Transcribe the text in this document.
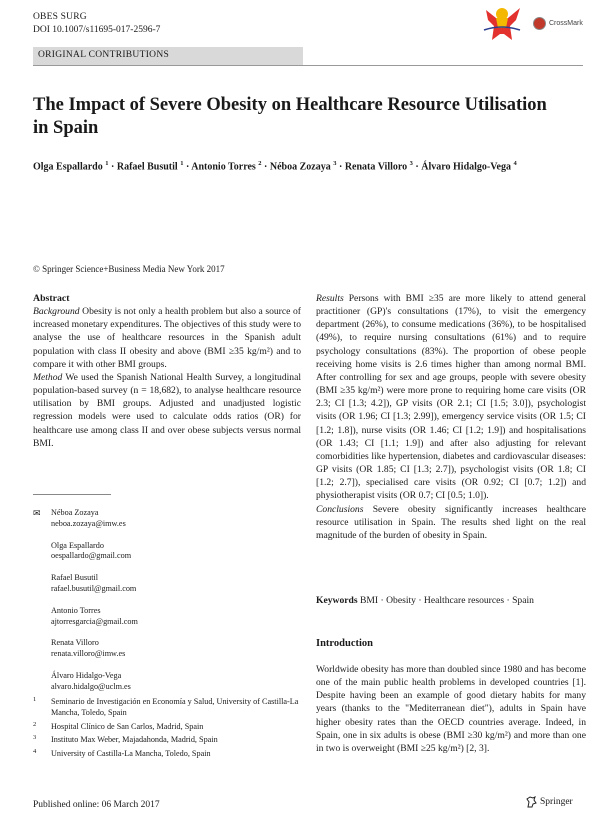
OBES SURG
DOI 10.1007/s11695-017-2596-7
CrossMark
ORIGINAL CONTRIBUTIONS
The Impact of Severe Obesity on Healthcare Resource Utilisation in Spain
Olga Espallardo $^1$ · Rafael Busutil $^1$ · Antonio Torres $^2$ · Néboa Zozaya $^3$ · Renata Villoro $^3$ · Álvaro Hidalgo-Vega $^4$
© Springer Science+Business Media New York 2017
Abstract
Background Obesity is not only a health problem but also a source of increased monetary expenditures. The objectives of this study were to analyse the use of healthcare resources in the Spanish adult population with class II obesity and above (BMI ≥35 kg/m²) and to compare it with other BMI groups.
Method We used the Spanish National Health Survey, a longitudinal population-based survey (n = 18,682), to analyse healthcare resource utilisation by BMI groups. Adjusted and unadjusted logistic regression models were used to calculate odds ratios (OR) for healthcare use among class II and over obese subjects versus normal BMI.
Results Persons with BMI ≥35 are more likely to attend general practitioner (GP)'s consultations (17%), to visit the emergency department (26%), to consume medications (36%), to be hospitalised (49%), to require nursing consultations (61%) and to require psychology consultations (83%). The proportion of obese people receiving home visits is 2.6 times higher than among normal BMI. After controlling for sex and age groups, people with severe obesity (BMI ≥35 kg/m²) were more prone to requiring home care visits (OR 2.3; CI [1.3; 4.2]), GP visits (OR 2.1; CI [1.5; 3.0]), psychologist visits (OR 1.96; CI [1.3; 2.99]), emergency service visits (OR 1.5; CI [1.2; 1.8]), nurse visits (OR 1.46; CI [1.2; 1.9]) and hospitalisations (OR 1.43; CI [1.1; 1.9]) and after also adjusting for relevant comorbidities like hypertension, diabetes and cardiovascular diseases: GP visits (OR 1.85; CI [1.3; 2.7]), psychologist visits (OR 1.8; CI [1.2; 2.7]), specialised care visits (OR 0.92; CI [0.7; 1.2]) and physiotherapist visits (OR 0.7; CI [0.5; 1.0]).
Conclusions Severe obesity significantly increases healthcare resource utilisation in Spain. The results shed light on the real magnitude of the burden of obesity in Spain.
✉ Néboa Zozaya
neboa.zozaya@imw.es
Olga Espallardo
oespallardo@gmail.com
Rafael Busutil
rafael.busutil@gmail.com
Antonio Torres
ajtorresgarcia@gmail.com
Renata Villoro
renata.villoro@imw.es
Álvaro Hidalgo-Vega
alvaro.hidalgo@uclm.es
1 Seminario de Investigación en Economía y Salud, University of Castilla-La Mancha, Toledo, Spain
2 Hospital Clínico de San Carlos, Madrid, Spain
3 Instituto Max Weber, Majadahonda, Madrid, Spain
4 University of Castilla-La Mancha, Toledo, Spain
Keywords BMI · Obesity · Healthcare resources · Spain
Introduction
Worldwide obesity has more than doubled since 1980 and has become one of the main public health problems in developed countries [1]. Despite having been an example of good dietary habits for many years (thanks to the "Mediterranean diet"), adults in Spain have higher obesity rates than the OECD countries average. Indeed, in Spain, one in six adults is obese (BMI ≥30 kg/m²) and more than one in two is overweight (BMI ≥25 kg/m²) [2, 3].
Published online: 06 March 2017	Springer
